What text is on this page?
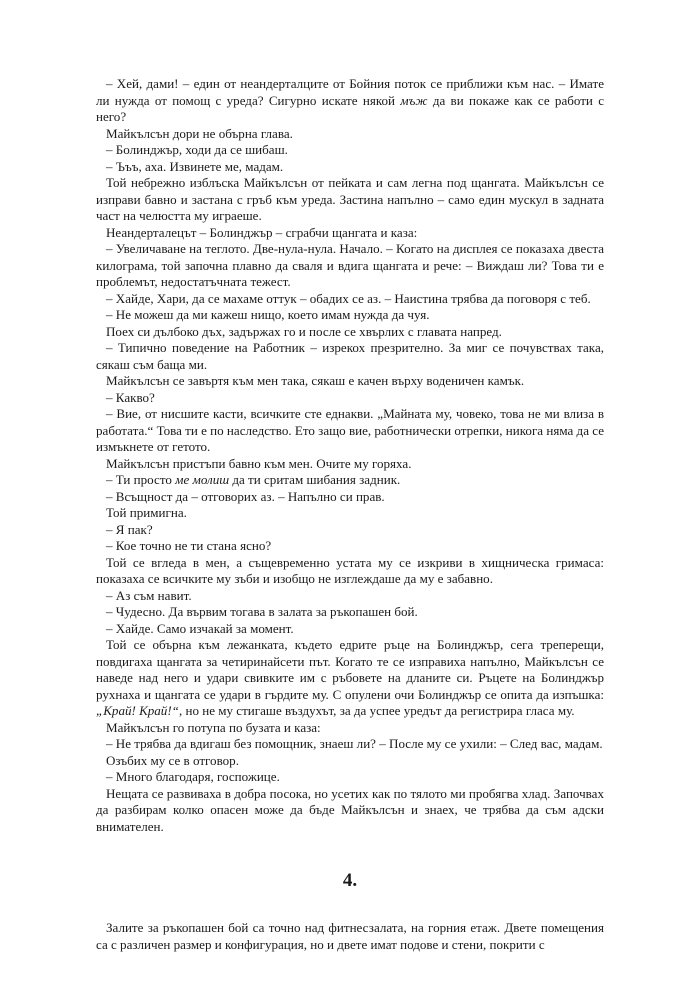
– Хей, дами! – един от неандерталците от Бойния поток се приближи към нас. – Имате ли нужда от помощ с уреда? Сигурно искате някой мъж да ви покаже как се работи с него?

Майкълсън дори не обърна глава.

– Болинджър, ходи да се шибаш.

– Ъъъ, аха. Извинете ме, мадам.

Той небрежно изблъска Майкълсън от пейката и сам легна под щангата. Майкълсън се изправи бавно и застана с гръб към уреда. Застина напълно – само един мускул в задната част на челюстта му играеше.

Неандерталецът – Болинджър – сграбчи щангата и каза:

– Увеличаване на теглото. Две-нула-нула. Начало. – Когато на дисплея се показаха двеста килограма, той започна плавно да сваля и вдига щангата и рече: – Виждаш ли? Това ти е проблемът, недостатъчната тежест.

– Хайде, Хари, да се махаме оттук – обадих се аз. – Наистина трябва да поговоря с теб.

– Не можеш да ми кажеш нищо, което имам нужда да чуя.

Поех си дълбоко дъх, задържах го и после се хвърлих с главата напред.

– Типично поведение на Работник – изрекох презрително. За миг се почувствах така, сякаш съм баща ми.

Майкълсън се завъртя към мен така, сякаш е качен върху воденичен камък.

– Какво?

– Вие, от нисшите касти, всичките сте еднакви. „Майната му, човеко, това не ми влиза в работата.“ Това ти е по наследство. Ето защо вие, работнически отрепки, никога няма да се измъкнете от гетото.

Майкълсън пристъпи бавно към мен. Очите му горяха.

– Ти просто ме молиш да ти сритам шибания задник.

– Всъщност да – отговорих аз. – Напълно си прав.

Той примигна.

– Я пак?

– Кое точно не ти стана ясно?

Той се вгледа в мен, а същевременно устата му се изкриви в хищническа гримаса: показаха се всичките му зъби и изобщо не изглеждаше да му е забавно.

– Аз съм навит.

– Чудесно. Да вървим тогава в залата за ръкопашен бой.

– Хайде. Само изчакай за момент.

Той се обърна към лежанката, където едрите ръце на Болинджър, сега треперещи, повдигаха щангата за четиринайсети път. Когато те се изправиха напълно, Майкълсън се наведе над него и удари свивките им с ръбовете на дланите си. Ръцете на Болинджър рухнаха и щангата се удари в гърдите му. С опулени очи Болинджър се опита да изпъшка: „Край! Край!“, но не му стигаше въздухът, за да успее уредът да регистрира гласа му.

Майкълсън го потупа по бузата и каза:

– Не трябва да вдигаш без помощник, знаеш ли? – После му се ухили: – След вас, мадам.

Озъбих му се в отговор.

– Много благодаря, госпожице.

Нещата се развиваха в добра посока, но усетих как по тялото ми пробягва хлад. Започвах да разбирам колко опасен може да бъде Майкълсън и знаех, че трябва да съм адски внимателен.

4.

Залите за ръкопашен бой са точно над фитнесзалата, на горния етаж. Двете помещения са с различен размер и конфигурация, но и двете имат подове и стени, покрити с
